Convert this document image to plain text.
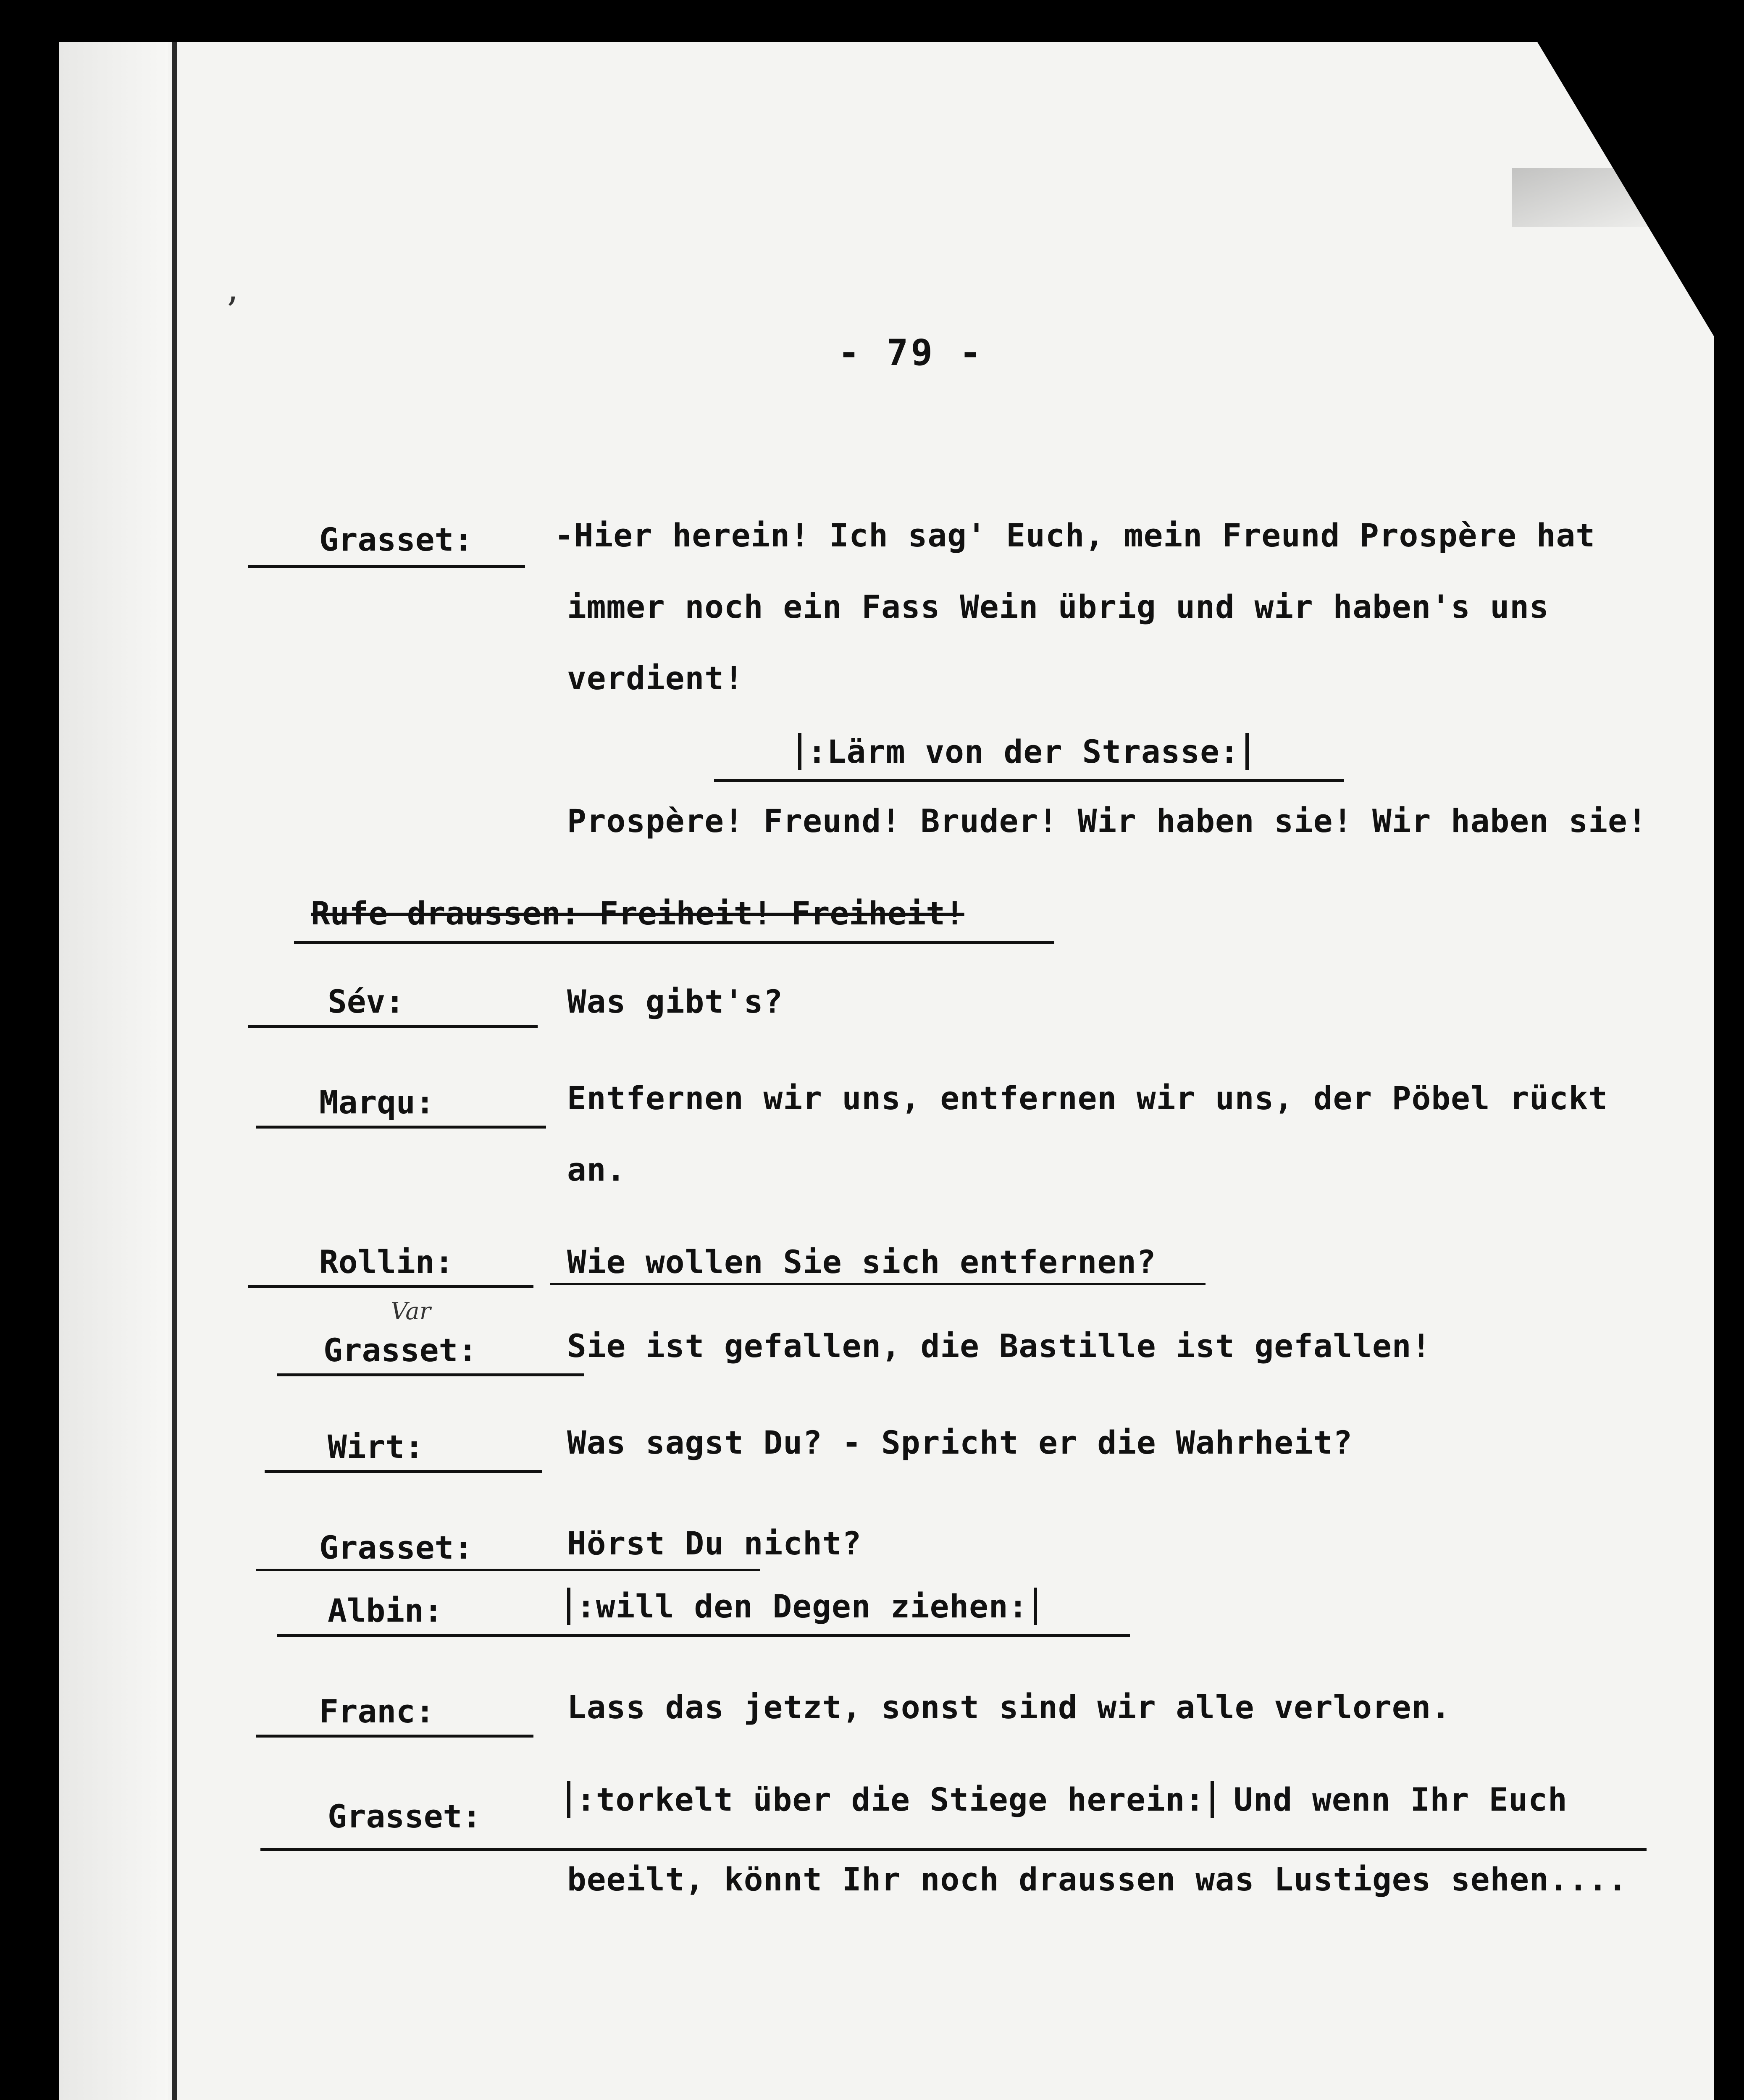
ʼ
- 79 -
Grasset:	-Hier herein! Ich sag' Euch, mein Freund Prospère hat
immer noch ein Fass Wein übrig und wir haben's uns
verdient!
:Lärm von der Strasse:
Prospère! Freund! Bruder! Wir haben sie! Wir haben sie!
Rufe draussen: Freiheit! Freiheit!
Sév:	Was gibt's?
Marqu:	Entfernen wir uns, entfernen wir uns, der Pöbel rückt
an.
Rollin:	Wie wollen Sie sich entfernen?
Var
Grasset:	Sie ist gefallen, die Bastille ist gefallen!
Wirt:	Was sagst Du? - Spricht er die Wahrheit?
Grasset:	Hörst Du nicht?
Albin:	:will den Degen ziehen:
Franc:	Lass das jetzt, sonst sind wir alle verloren.
Grasset:	:torkelt über die Stiege herein: Und wenn Ihr Euch
beeilt, könnt Ihr noch draussen was Lustiges sehen....
